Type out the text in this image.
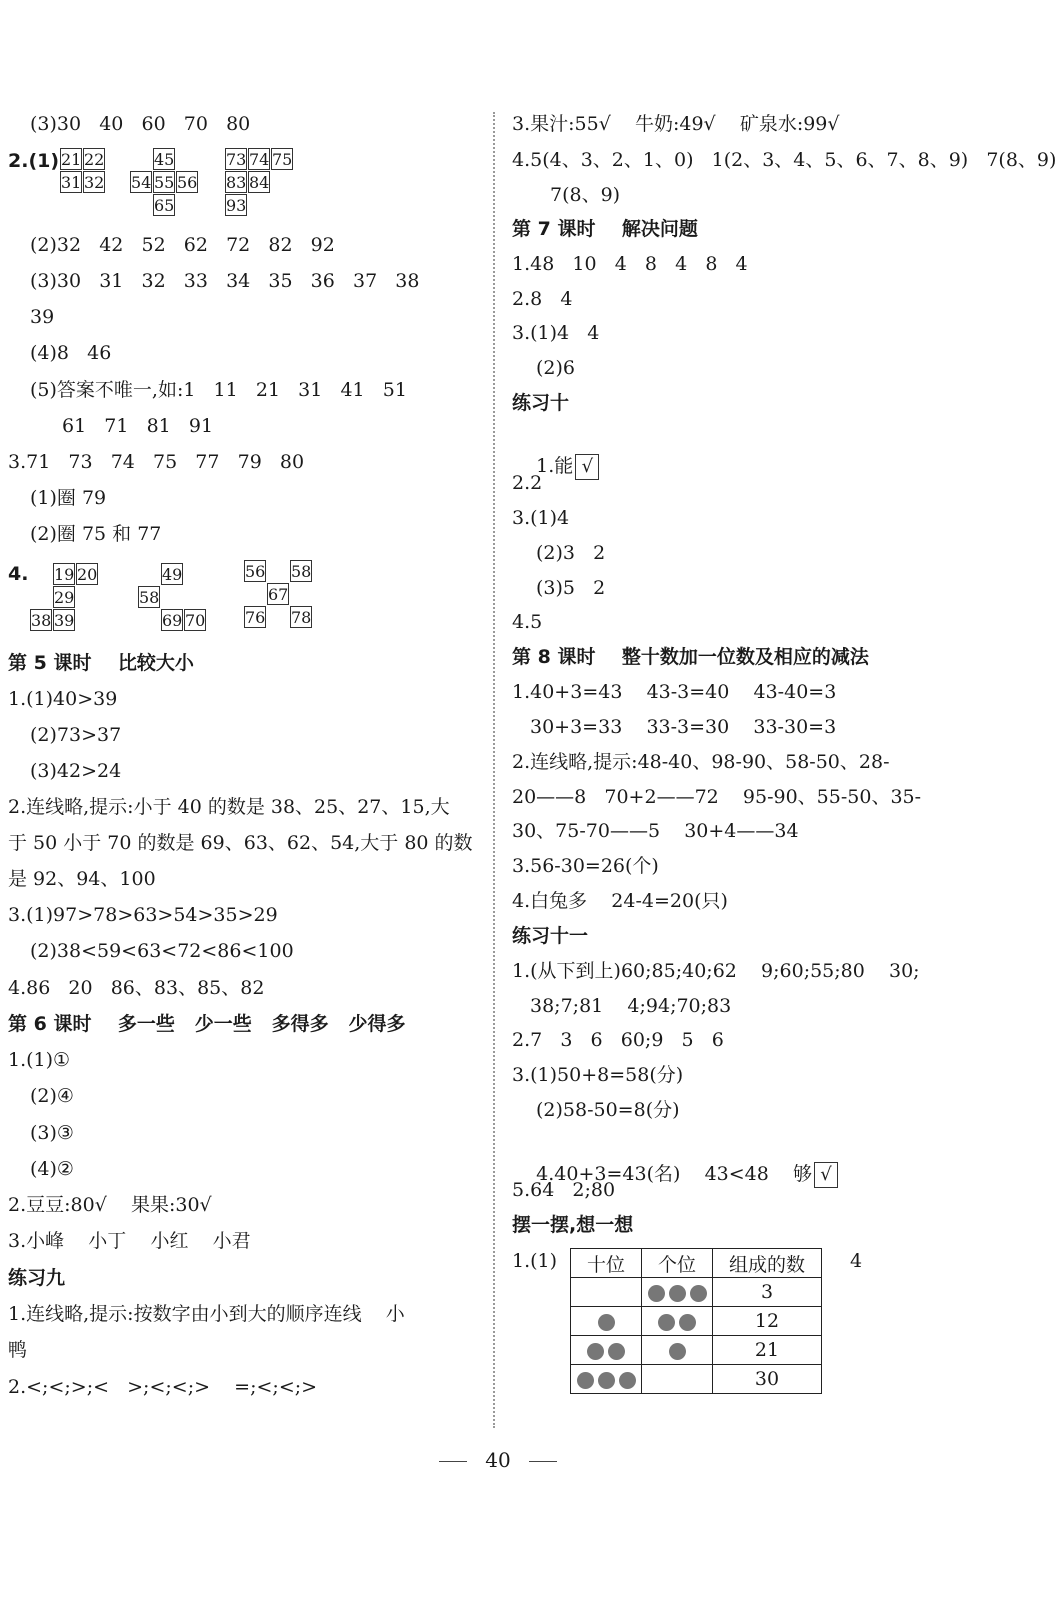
(3)30   40   60   70   80
2.(1) 21 22
31 32
45
54 55 56
65
73 74 75
83 84
93
(2)32   42   52   62   72   82   92
(3)30   31   32   33   34   35   36   37   38
39
(4)8   46
(5)答案不唯一,如:1   11   21   31   41   51
61   71   81   91
3.71   73   74   75   77   79   80
(1)圈 79
(2)圈 75 和 77
4. 19 20
29
38 39
49
58
69 70
56 58
67
76 78
第 5 课时    比较大小
1.(1)40>39
(2)73>37
(3)42>24
2.连线略,提示:小于 40 的数是 38、25、27、15,大
于 50 小于 70 的数是 69、63、62、54,大于 80 的数
是 92、94、100
3.(1)97>78>63>54>35>29
(2)38<59<63<72<86<100
4.86   20   86、83、85、82
第 6 课时    多一些   少一些   多得多   少得多
1.(1)①
(2)④
(3)③
(4)②
2.豆豆:80√    果果:30√
3.小峰    小丁    小红    小君
练习九
1.连线略,提示:按数字由小到大的顺序连线    小
鸭
2.<;<;>;<   >;<;<;>    =;<;<;>
3.果汁:55√    牛奶:49√    矿泉水:99√
4.5(4、3、2、1、0)   1(2、3、4、5、6、7、8、9)   7(8、9)
7(8、9)
第 7 课时    解决问题
1.48   10   4   8   4   8   4
2.8   4
3.(1)4   4
(2)6
练习十

1.能 √

2.2
3.(1)4
(2)3   2
(3)5   2
4.5
第 8 课时    整十数加一位数及相应的减法
1.40+3=43    43-3=40    43-40=3
30+3=33    33-3=30    33-30=3
2.连线略,提示:48-40、98-90、58-50、28-
20——8   70+2——72    95-90、55-50、35-
30、75-70——5    30+4——34
3.56-30=26(个)
4.白兔多    24-4=20(只)
练习十一
1.(从下到上)60;85;40;62    9;60;55;80    30;
38;7;81    4;94;70;83
2.7   3   6   60;9   5   6
3.(1)50+8=58(分)
(2)58-50=8(分)

4.40+3=43(名)    43<48    够 √

5.64   2;80
摆一摆,想一想
1.(1) 十位	个位	组成的数
		3
		12
		21
		30
4
40
